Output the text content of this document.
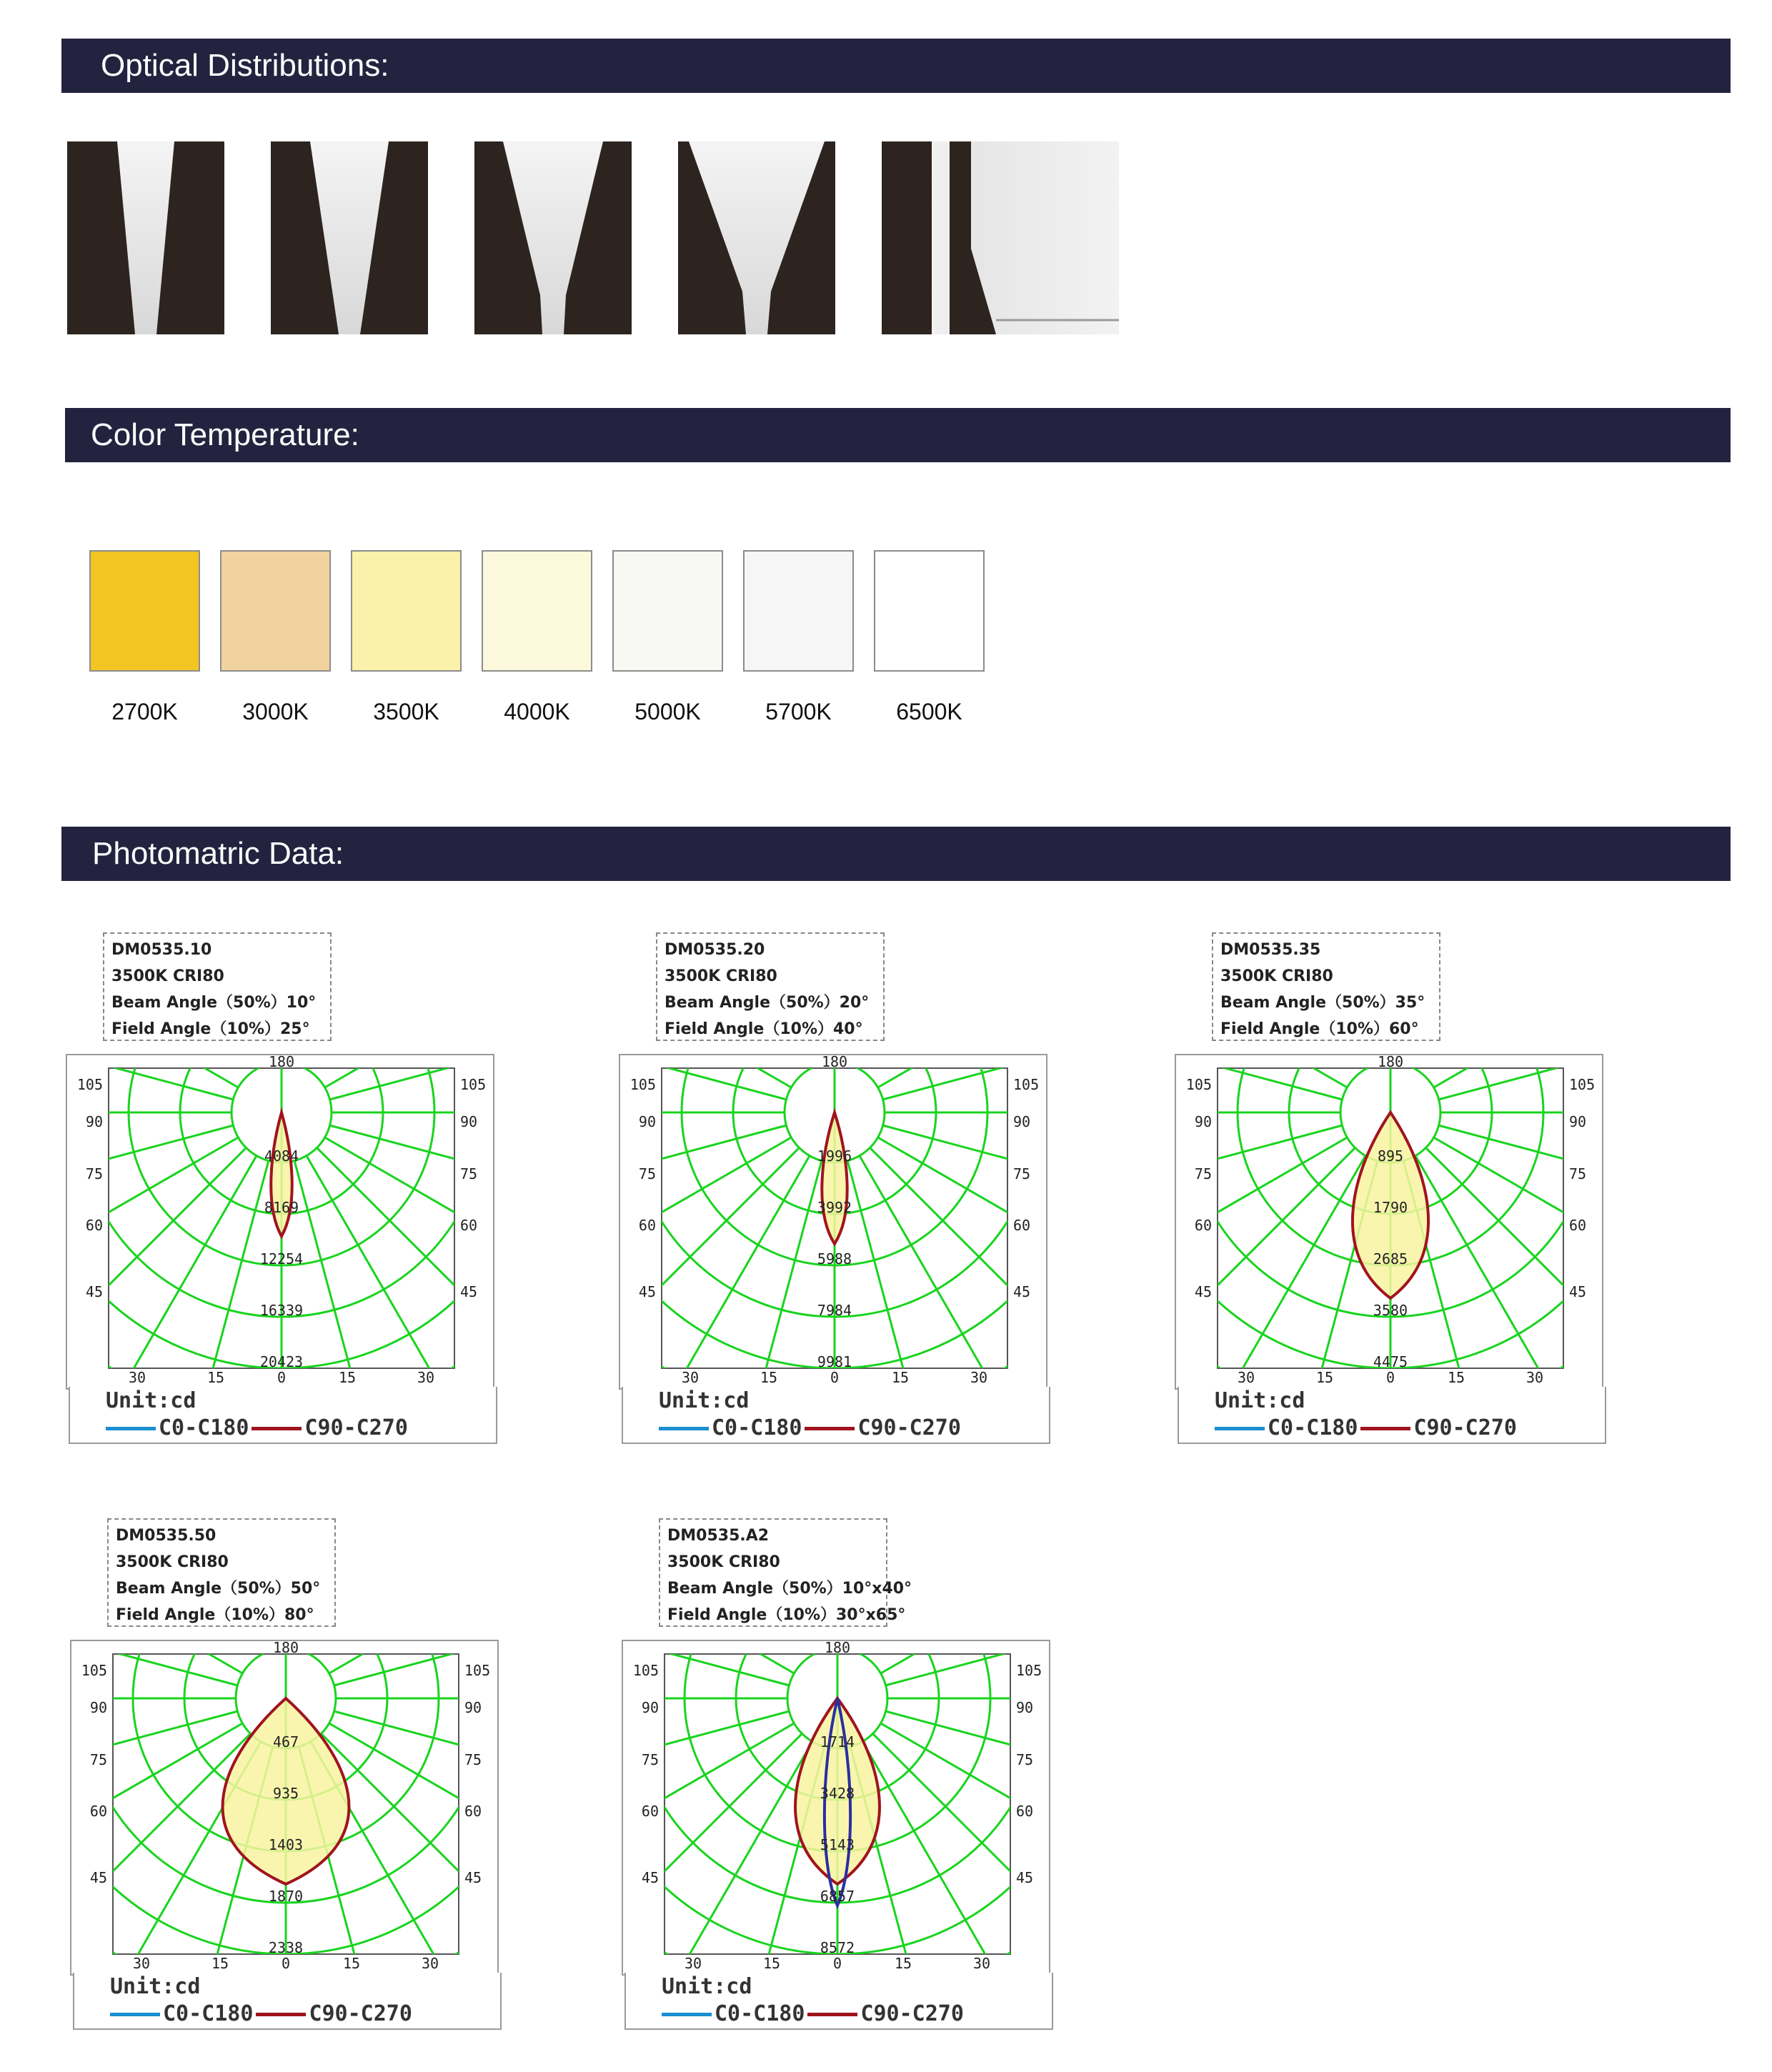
Optical Distributions:
Color Temperature:
Photomatric Data:
2700K	3000K	3500K	4000K	5000K	5700K	6500K
DM0535.10
3500K CRI80
Beam Angle（50%）10°
Field Angle（10%）25°
180
105
90
75
60
45
105
90
75
60
45
30	15	0	15	30
4084
8169
12254
16339
20423
Unit:cd
C0-C180	C90-C270
DM0535.20
3500K CRI80
Beam Angle（50%）20°
Field Angle（10%）40°
180
105
90
75
60
45
105
90
75
60
45
30	15	0	15	30
1996
3992
5988
7984
9981
Unit:cd
C0-C180	C90-C270
DM0535.35
3500K CRI80
Beam Angle（50%）35°
Field Angle（10%）60°
180
105
90
75
60
45
105
90
75
60
45
30	15	0	15	30
895
1790
2685
3580
4475
Unit:cd
C0-C180	C90-C270
DM0535.50
3500K CRI80
Beam Angle（50%）50°
Field Angle（10%）80°
180
105
90
75
60
45
105
90
75
60
45
30	15	0	15	30
467
935
1403
1870
2338
Unit:cd
C0-C180	C90-C270
DM0535.A2
3500K CRI80
Beam Angle（50%）10°x40°
Field Angle（10%）30°x65°
180
105
90
75
60
45
105
90
75
60
45
30	15	0	15	30
1714
3428
5143
6857
8572
Unit:cd
C0-C180	C90-C270
